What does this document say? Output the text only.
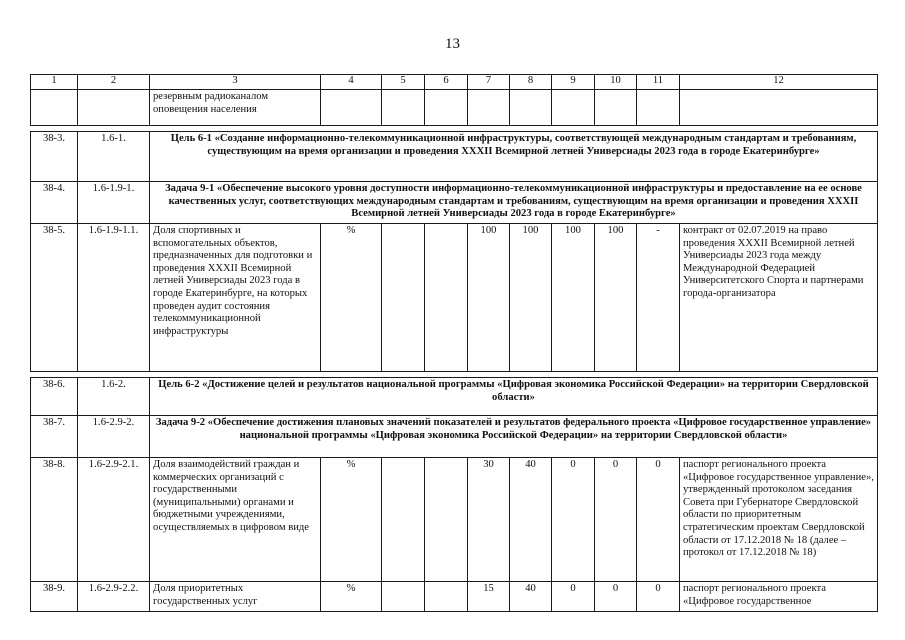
13
1	2	3	4	5	6	7	8	9	10	11	12
		резервным радиоканалом оповещения населения									

38-3.	1.6-1.	Цель 6-1 «Создание информационно-телекоммуникационной инфраструктуры, соответствующей международным стандартам и требованиям, существующим на время организации и проведения XXXII Всемирной летней Универсиады 2023 года в городе Екатеринбурге»									
38-4.	1.6-1.9-1.	Задача 9-1 «Обеспечение высокого уровня доступности информационно-телекоммуникационной инфраструктуры и предоставление на ее основе качественных услуг, соответствующих международным стандартам и требованиям, существующим на время организации и проведения XXXII Всемирной летней Универсиады 2023 года в городе Екатеринбурге»									
38-5.	1.6-1.9-1.1.	Доля спортивных и вспомогательных объектов, предназначенных для подготовки и проведения XXXII Всемирной летней Универсиады 2023 года в городе Екатеринбурге, на которых проведен аудит состояния телекоммуникационной инфраструктуры	%			100	100	100	100	-	контракт от 02.07.2019 на право проведения XXXII Всемирной летней Универсиады 2023 года между Международной Федерацией Университетского Спорта и партнерами города-организатора

38-6.	1.6-2.	Цель 6-2 «Достижение целей и результатов национальной программы «Цифровая экономика Российской Федерации» на территории Свердловской области»									
38-7.	1.6-2.9-2.	Задача 9-2 «Обеспечение достижения плановых значений показателей и результатов федерального проекта «Цифровое государственное управление» национальной программы «Цифровая экономика Российской Федерации» на территории Свердловской области»									
38-8.	1.6-2.9-2.1.	Доля взаимодействий граждан и коммерческих организаций с государственными (муниципальными) органами и бюджетными учреждениями, осуществляемых в цифровом виде	%			30	40	0	0	0	паспорт регионального проекта «Цифровое государственное управление», утвержденный протоколом заседания Совета при Губернаторе Свердловской области по приоритетным стратегическим проектам Свердловской области от 17.12.2018 № 18 (далее – протокол от 17.12.2018 № 18)
38-9.	1.6-2.9-2.2.	Доля приоритетных государственных услуг	%			15	40	0	0	0	паспорт регионального проекта «Цифровое государственное
